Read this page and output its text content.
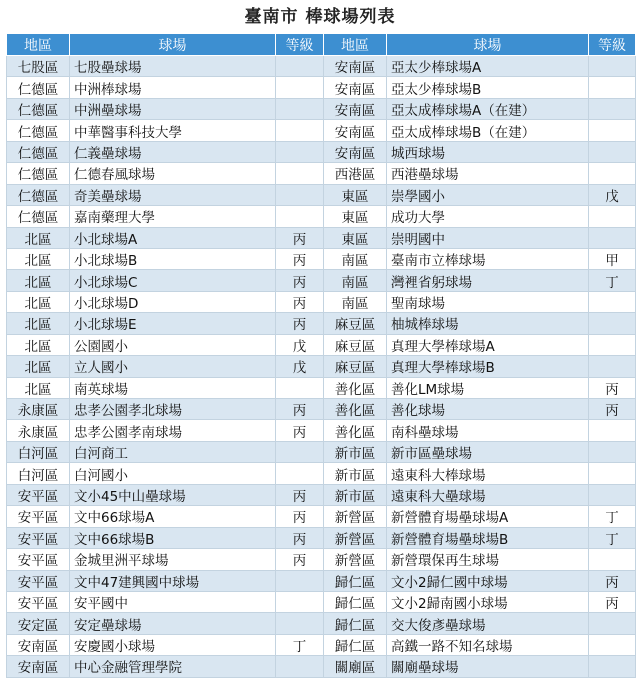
臺南市 棒球場列表
地區	球場	等級	地區	球場	等級
七股區	七股壘球場		安南區	亞太少棒球場A	
仁德區	中洲棒球場		安南區	亞太少棒球場B	
仁德區	中洲壘球場		安南區	亞太成棒球場A（在建）	
仁德區	中華醫事科技大學		安南區	亞太成棒球場B（在建）	
仁德區	仁義壘球場		安南區	城西球場	
仁德區	仁德春風球場		西港區	西港壘球場	
仁德區	奇美壘球場		東區	崇學國小	戊
仁德區	嘉南藥理大學		東區	成功大學	
北區	小北球場A	丙	東區	崇明國中	
北區	小北球場B	丙	南區	臺南市立棒球場	甲
北區	小北球場C	丙	南區	灣裡省躬球場	丁
北區	小北球場D	丙	南區	聖南球場	
北區	小北球場E	丙	麻豆區	柚城棒球場	
北區	公園國小	戊	麻豆區	真理大學棒球場A	
北區	立人國小	戊	麻豆區	真理大學棒球場B	
北區	南英球場		善化區	善化LM球場	丙
永康區	忠孝公園孝北球場	丙	善化區	善化球場	丙
永康區	忠孝公園孝南球場	丙	善化區	南科壘球場	
白河區	白河商工		新市區	新市區壘球場	
白河區	白河國小		新市區	遠東科大棒球場	
安平區	文小45中山壘球場	丙	新市區	遠東科大壘球場	
安平區	文中66球場A	丙	新營區	新營體育場壘球場A	丁
安平區	文中66球場B	丙	新營區	新營體育場壘球場B	丁
安平區	金城里洲平球場	丙	新營區	新營環保再生球場	
安平區	文中47建興國中球場		歸仁區	文小2歸仁國中球場	丙
安平區	安平國中		歸仁區	文小2歸南國小球場	丙
安定區	安定壘球場		歸仁區	交大俊彥壘球場	
安南區	安慶國小球場	丁	歸仁區	高鐵一路不知名球場	
安南區	中心金融管理學院		關廟區	關廟壘球場	
